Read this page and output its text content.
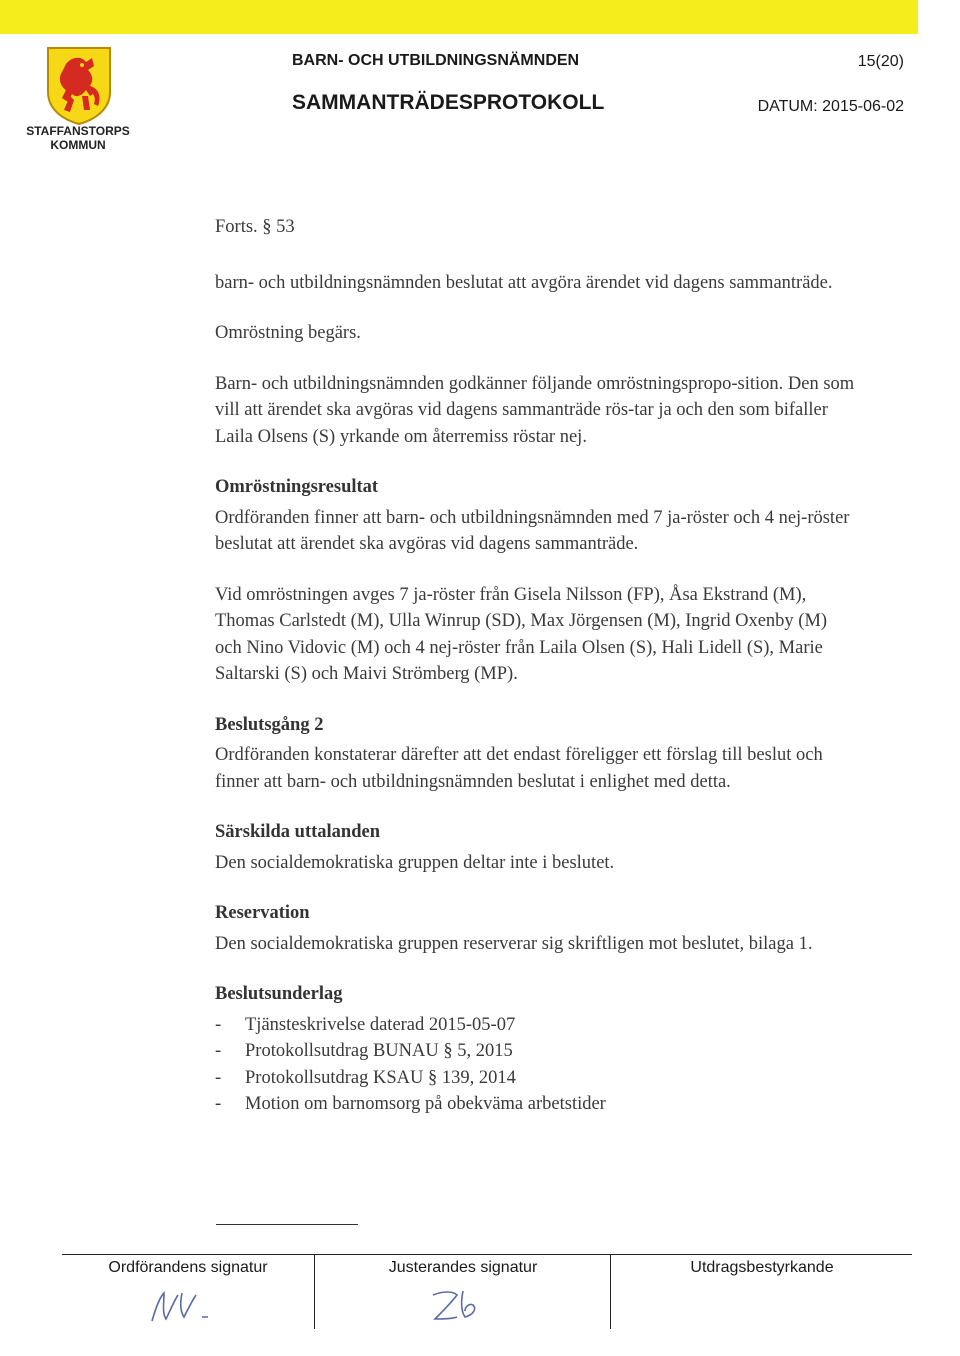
STAFFANSTORPS
KOMMUN
BARN- OCH UTBILDNINGSNÄMNDEN	15(20)
SAMMANTRÄDESPROTOKOLL	DATUM: 2015-06-02

Forts. § 53

barn- och utbildningsnämnden beslutat att avgöra ärendet vid dagens sammanträde.

Omröstning begärs.

Barn- och utbildningsnämnden godkänner följande omröstningspropo-sition. Den som vill att ärendet ska avgöras vid dagens sammanträde rös-tar ja och den som bifaller Laila Olsens (S) yrkande om återremiss röstar nej.

Omröstningsresultat

Ordföranden finner att barn- och utbildningsnämnden med 7 ja-röster och 4 nej-röster beslutat att ärendet ska avgöras vid dagens sammanträde.

Vid omröstningen avges 7 ja-röster från Gisela Nilsson (FP), Åsa Ekstrand (M), Thomas Carlstedt (M), Ulla Winrup (SD), Max Jörgensen (M), Ingrid Oxenby (M) och Nino Vidovic (M) och 4 nej-röster från Laila Olsen (S), Hali Lidell (S), Marie Saltarski (S) och Maivi Strömberg (MP).

Beslutsgång 2

Ordföranden konstaterar därefter att det endast föreligger ett förslag till beslut och finner att barn- och utbildningsnämnden beslutat i enlighet med detta.

Särskilda uttalanden

Den socialdemokratiska gruppen deltar inte i beslutet.

Reservation

Den socialdemokratiska gruppen reserverar sig skriftligen mot beslutet, bilaga 1.

Beslutsunderlag

-	Tjänsteskrivelse daterad 2015-05-07
-	Protokollsutdrag BUNAU § 5, 2015
-	Protokollsutdrag KSAU § 139, 2014
-	Motion om barnomsorg på obekväma arbetstider
Ordförandens signatur	Justerandes signatur	Utdragsbestyrkande
